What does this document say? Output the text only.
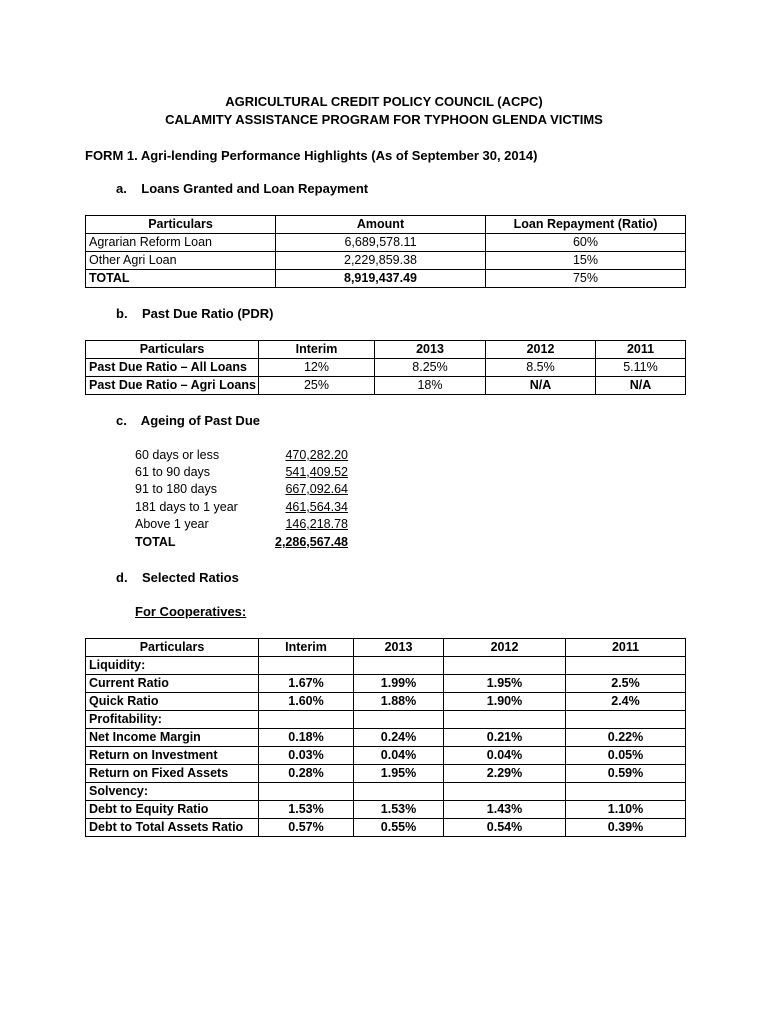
AGRICULTURAL CREDIT POLICY COUNCIL (ACPC)
CALAMITY ASSISTANCE PROGRAM FOR TYPHOON GLENDA VICTIMS
FORM 1. Agri-lending Performance Highlights (As of September 30, 2014)
a.    Loans Granted and Loan Repayment
Particulars	Amount	Loan Repayment (Ratio)
Agrarian Reform Loan	6,689,578.11	60%
Other Agri Loan	2,229,859.38	15%
TOTAL	8,919,437.49	75%
b.    Past Due Ratio (PDR)
Particulars	Interim	2013	2012	2011
Past Due Ratio – All Loans	12%	8.25%	8.5%	5.11%
Past Due Ratio – Agri Loans	25%	18%	N/A	N/A
c.    Ageing of Past Due
60 days or less	470,282.20
61 to 90 days	541,409.52
91 to 180 days	667,092.64
181 days to 1 year	461,564.34
Above 1 year	146,218.78
TOTAL	2,286,567.48
d.    Selected Ratios
For Cooperatives:
Particulars	Interim	2013	2012	2011
Liquidity:				
Current Ratio	1.67%	1.99%	1.95%	2.5%
Quick Ratio	1.60%	1.88%	1.90%	2.4%
Profitability:				
Net Income Margin	0.18%	0.24%	0.21%	0.22%
Return on Investment	0.03%	0.04%	0.04%	0.05%
Return on Fixed Assets	0.28%	1.95%	2.29%	0.59%
Solvency:				
Debt to Equity Ratio	1.53%	1.53%	1.43%	1.10%
Debt to Total Assets Ratio	0.57%	0.55%	0.54%	0.39%
